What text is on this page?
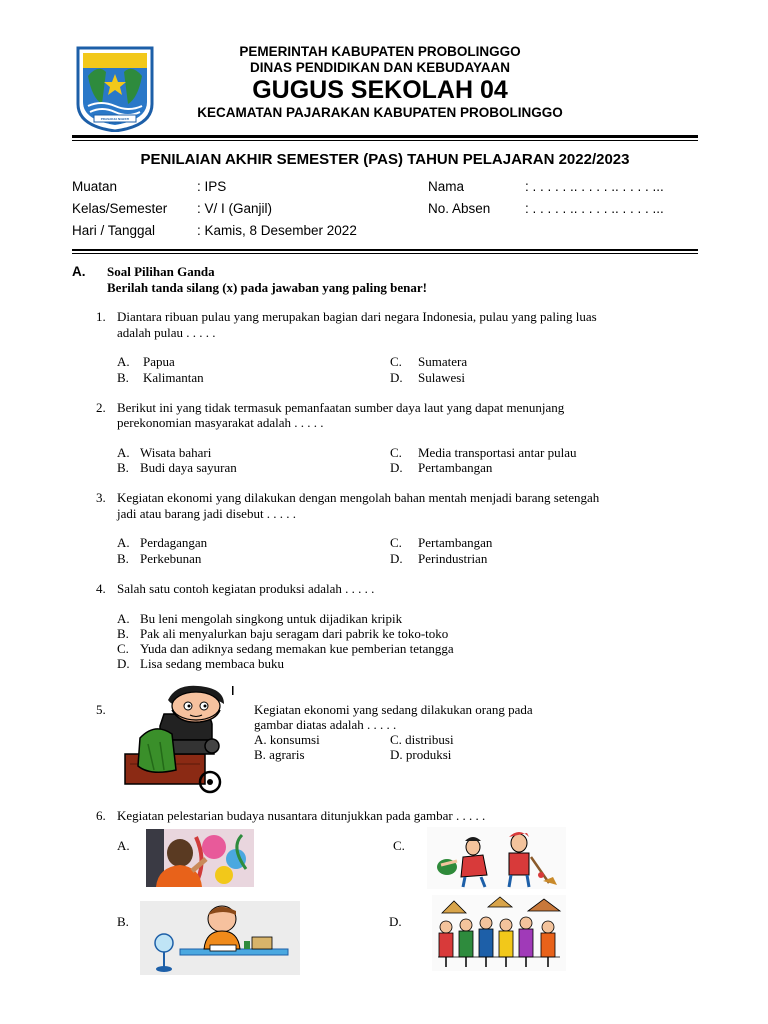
PRASADJA NGESTI WIBAWA
PEMERINTAH KABUPATEN PROBOLINGGO
DINAS PENDIDIKAN DAN KEBUDAYAAN
GUGUS SEKOLAH 04
KECAMATAN PAJARAKAN KABUPATEN PROBOLINGGO
PENILAIAN AKHIR SEMESTER (PAS) TAHUN PELAJARAN 2022/2023
Muatan	: IPS
Kelas/Semester : V/ I (Ganjil)
Hari / Tanggal	: Kamis, 8 Desember 2022
Nama	: . . . . . .. . . . . .. . . . . ...
No. Absen	: . . . . . .. . . . . .. . . . . ...
A. Soal Pilihan Ganda
Berilah tanda silang (x) pada jawaban yang paling benar!
1. Diantara ribuan pulau yang merupakan bagian dari negara Indonesia, pulau yang paling luas
adalah pulau . . . . .
A. Papua
B. Kalimantan
C. Sumatera
D. Sulawesi
2. Berikut ini yang tidak termasuk pemanfaatan sumber daya laut yang dapat menunjang
perekonomian masyarakat adalah . . . . .
A. Wisata bahari
B. Budi daya sayuran
C. Media transportasi antar pulau
D. Pertambangan
3. Kegiatan ekonomi yang dilakukan dengan mengolah bahan mentah menjadi barang setengah
jadi atau barang jadi disebut . . . . .
A. Perdagangan
B. Perkebunan
C. Pertambangan
D. Perindustrian
4. Salah satu contoh kegiatan produksi adalah . . . . .
A. Bu leni mengolah singkong untuk dijadikan kripik
B. Pak ali menyalurkan baju seragam dari pabrik ke toko-toko
C. Yuda dan adiknya sedang memakan kue pemberian tetangga
D. Lisa sedang membaca buku
5.	Kegiatan ekonomi yang sedang dilakukan orang pada
gambar diatas adalah . . . . .
A. konsumsi
B. agraris
C. distribusi
D. produksi
6. Kegiatan pelestarian budaya nusantara ditunjukkan pada gambar . . . . .
A.	C.
B.	D.
